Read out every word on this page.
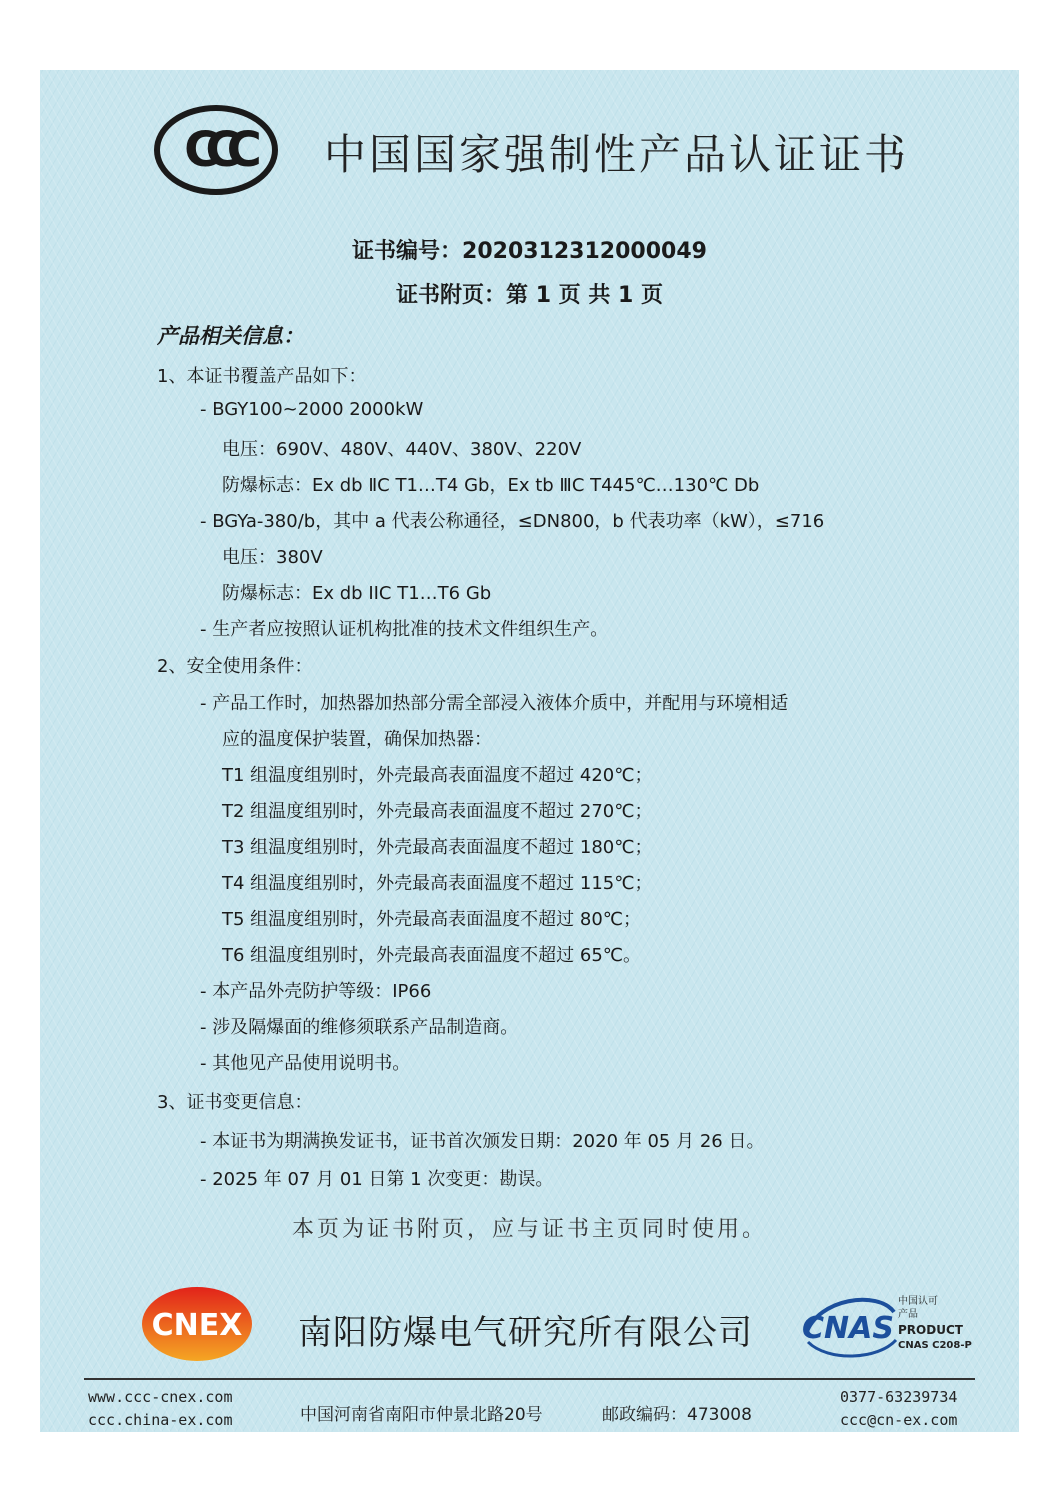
CCC 中国国家强制性产品认证证书
证书编号：2020312312000049
证书附页：第 1 页 共 1 页
产品相关信息：
1、本证书覆盖产品如下：
- BGY100~2000 2000kW
电压：690V、480V、440V、380V、220V
防爆标志：Ex db ⅡC T1…T4 Gb，Ex tb ⅢC T445℃…130℃ Db
- BGYa-380/b，其中 a 代表公称通径，≤DN800，b 代表功率（kW），≤716
电压：380V
防爆标志：Ex db IIC T1…T6 Gb
- 生产者应按照认证机构批准的技术文件组织生产。
2、安全使用条件：
- 产品工作时，加热器加热部分需全部浸入液体介质中，并配用与环境相适
应的温度保护装置，确保加热器：
T1 组温度组别时，外壳最高表面温度不超过 420℃；
T2 组温度组别时，外壳最高表面温度不超过 270℃；
T3 组温度组别时，外壳最高表面温度不超过 180℃；
T4 组温度组别时，外壳最高表面温度不超过 115℃；
T5 组温度组别时，外壳最高表面温度不超过 80℃；
T6 组温度组别时，外壳最高表面温度不超过 65℃。
- 本产品外壳防护等级：IP66
- 涉及隔爆面的维修须联系产品制造商。
- 其他见产品使用说明书。
3、证书变更信息：
- 本证书为期满换发证书，证书首次颁发日期：2020 年 05 月 26 日。
- 2025 年 07 月 01 日第 1 次变更：勘误。
本页为证书附页，应与证书主页同时使用。
CNEX 南阳防爆电气研究所有限公司 CNAS
中国认可
产品
PRODUCT
CNAS C208-P
www.ccc-cnex.com
ccc.china-ex.com	中国河南省南阳市仲景北路20号	邮政编码：473008
0377-63239734
ccc@cn-ex.com
